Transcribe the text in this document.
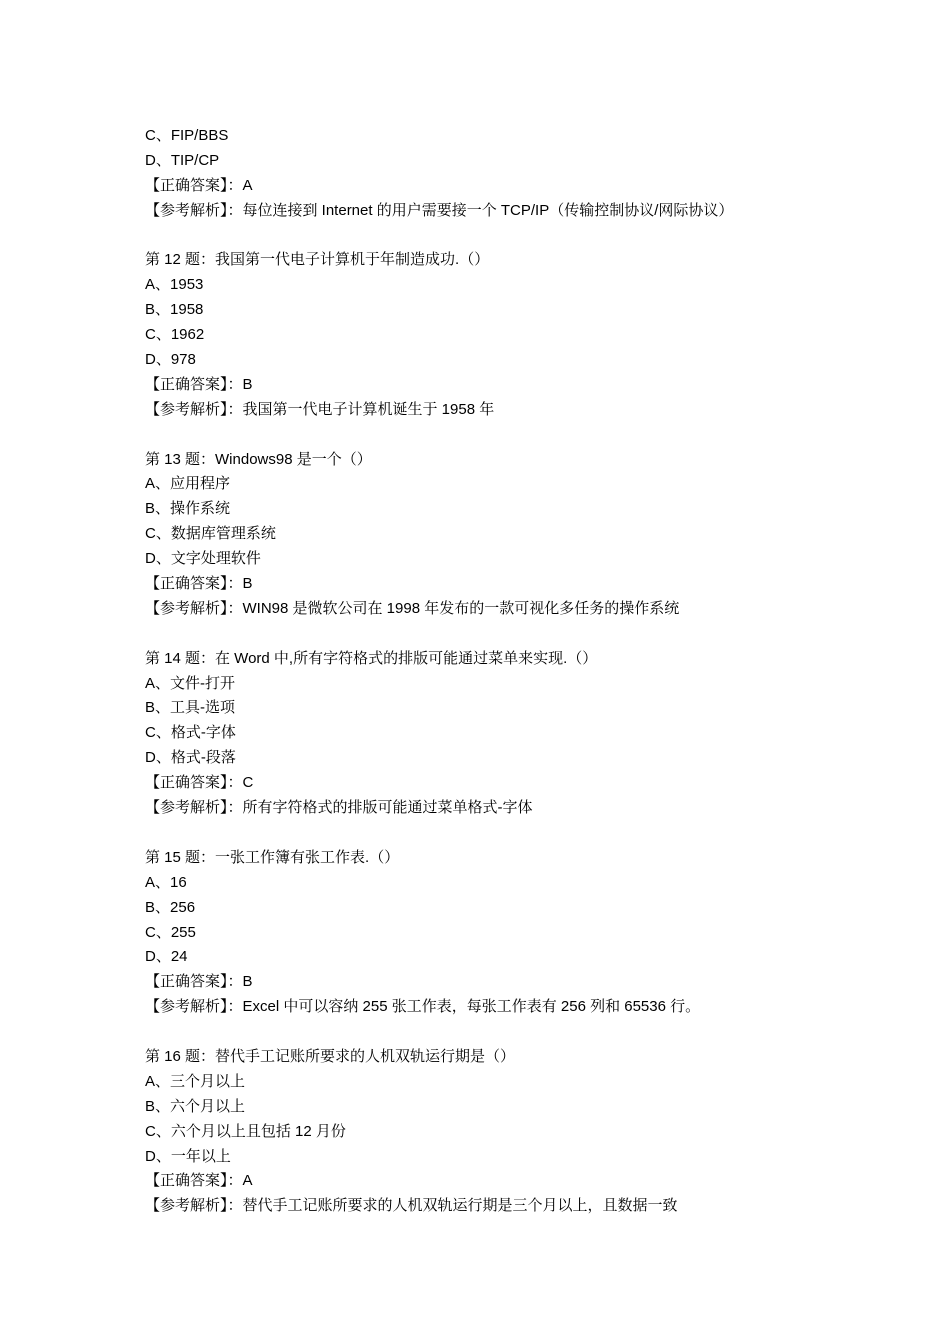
C、FIP/BBS
D、TIP/CP
【正确答案】：A
【参考解析】：每位连接到 Internet 的用户需要接一个 TCP/IP（传输控制协议/网际协议）
第 12 题：我国第一代电子计算机于年制造成功.（）
A、1953
B、1958
C、1962
D、978
【正确答案】：B
【参考解析】：我国第一代电子计算机诞生于 1958 年
第 13 题：Windows98 是一个（）
A、应用程序
B、操作系统
C、数据库管理系统
D、文字处理软件
【正确答案】：B
【参考解析】：WIN98 是微软公司在 1998 年发布的一款可视化多任务的操作系统
第 14 题：在 Word 中,所有字符格式的排版可能通过菜单来实现.（）
A、文件-打开
B、工具-选项
C、格式-字体
D、格式-段落
【正确答案】：C
【参考解析】：所有字符格式的排版可能通过菜单格式-字体
第 15 题：一张工作簿有张工作表.（）
A、16
B、256
C、255
D、24
【正确答案】：B
【参考解析】：Excel 中可以容纳 255 张工作表，每张工作表有 256 列和 65536 行。
第 16 题：替代手工记账所要求的人机双轨运行期是（）
A、三个月以上
B、六个月以上
C、六个月以上且包括 12 月份
D、一年以上
【正确答案】：A
【参考解析】：替代手工记账所要求的人机双轨运行期是三个月以上，且数据一致
